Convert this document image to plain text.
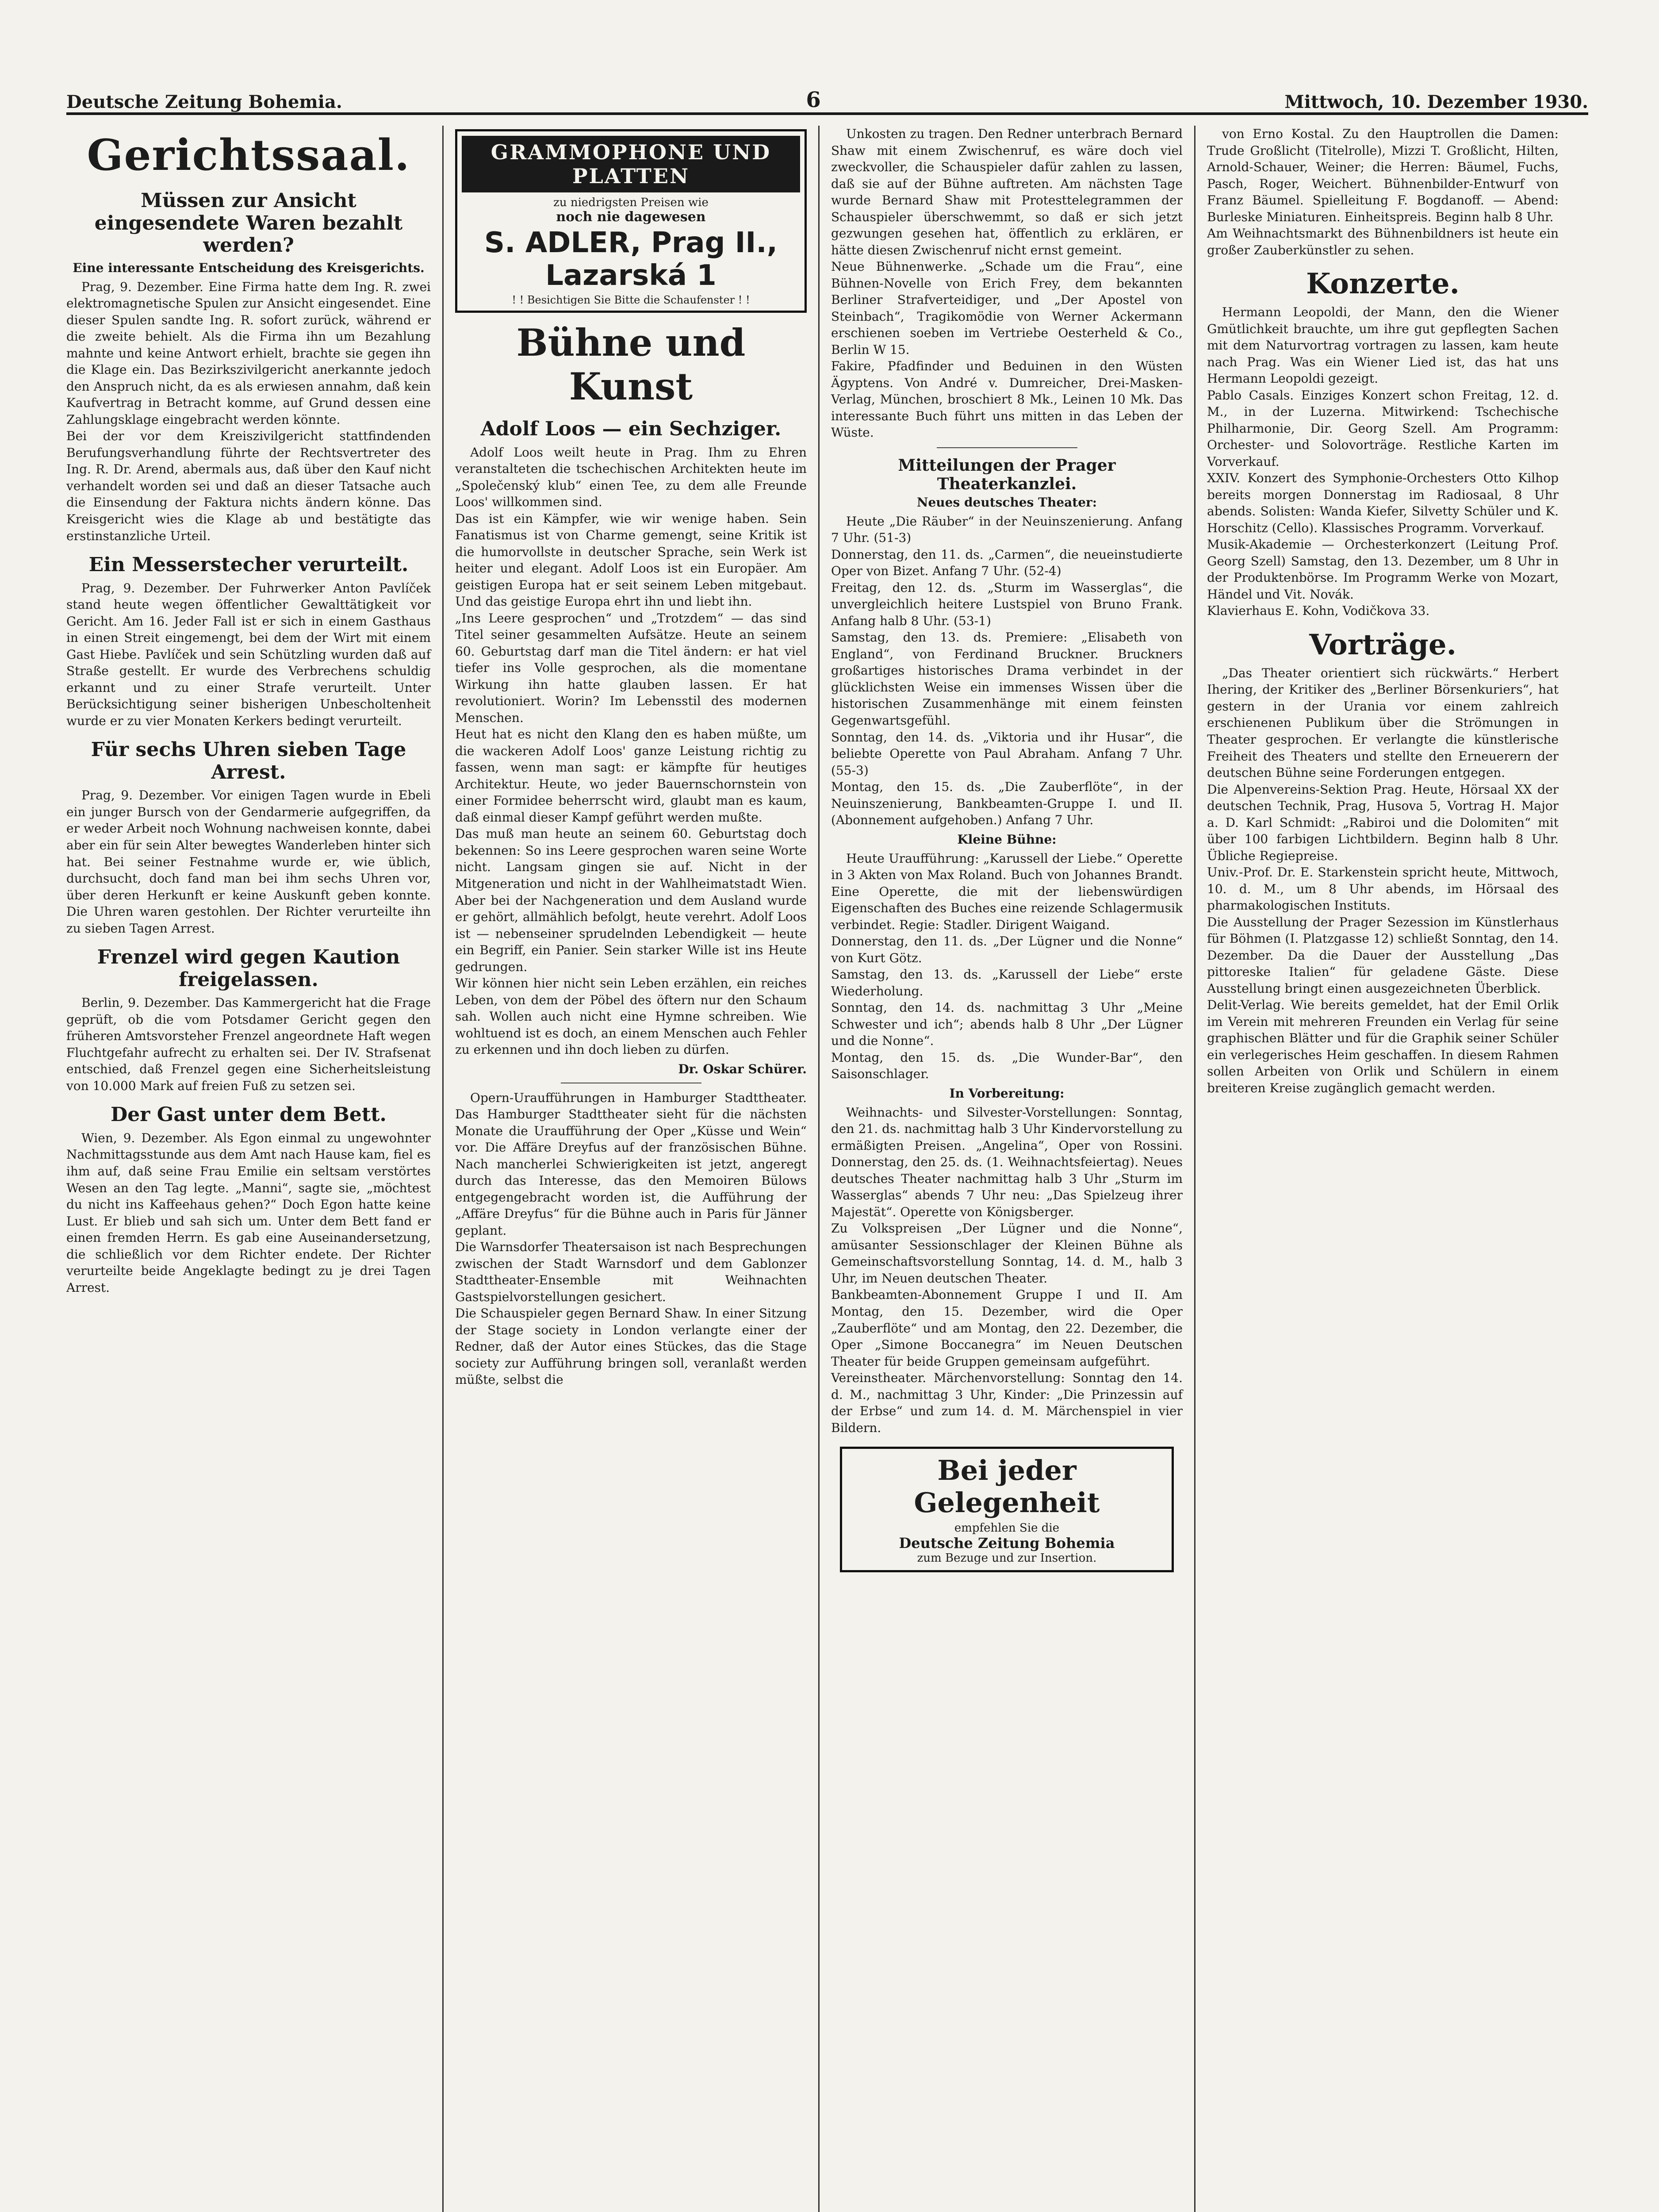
Deutsche Zeitung Bohemia.	6	Mittwoch, 10. Dezember 1930.
Gerichtssaal.
Müssen zur Ansicht eingesendete Waren bezahlt werden?
Eine interessante Entscheidung des Kreisgerichts.
Prag, 9. Dezember. Eine Firma hatte dem Ing. R. zwei elektromagnetische Spulen zur Ansicht eingesendet. Eine dieser Spulen sandte Ing. R. sofort zurück, während er die zweite behielt. Als die Firma ihn um Bezahlung mahnte und keine Antwort erhielt, brachte sie gegen ihn die Klage ein. Das Bezirkszivilgericht anerkannte jedoch den Anspruch nicht, da es als erwiesen annahm, daß kein Kaufvertrag in Betracht komme, auf Grund dessen eine Zahlungsklage eingebracht werden könnte.
Bei der vor dem Kreiszivilgericht stattfindenden Berufungsverhandlung führte der Rechtsvertreter des Ing. R. Dr. Arend, abermals aus, daß über den Kauf nicht verhandelt worden sei und daß an dieser Tatsache auch die Einsendung der Faktura nichts ändern könne. Das Kreisgericht wies die Klage ab und bestätigte das erstinstanzliche Urteil.
Ein Messerstecher verurteilt.
Prag, 9. Dezember. Der Fuhrwerker Anton Pavlíček stand heute wegen öffentlicher Gewalttätigkeit vor Gericht. Am 16. Jeder Fall ist er sich in einem Gasthaus in einen Streit eingemengt, bei dem der Wirt mit einem Gast Hiebe. Pavlíček und sein Schützling wurden daß auf Straße gestellt. Er wurde des Verbrechens schuldig erkannt und zu einer Strafe verurteilt. Unter Berücksichtigung seiner bisherigen Unbescholtenheit wurde er zu vier Monaten Kerkers bedingt verurteilt.
Für sechs Uhren sieben Tage Arrest.
Prag, 9. Dezember. Vor einigen Tagen wurde in Ebeli ein junger Bursch von der Gendarmerie aufgegriffen, da er weder Arbeit noch Wohnung nachweisen konnte, dabei aber ein für sein Alter bewegtes Wanderleben hinter sich hat. Bei seiner Festnahme wurde er, wie üblich, durchsucht, doch fand man bei ihm sechs Uhren vor, über deren Herkunft er keine Auskunft geben konnte. Die Uhren waren gestohlen. Der Richter verurteilte ihn zu sieben Tagen Arrest.
Frenzel wird gegen Kaution freigelassen.
Berlin, 9. Dezember. Das Kammergericht hat die Frage geprüft, ob die vom Potsdamer Gericht gegen den früheren Amtsvorsteher Frenzel angeordnete Haft wegen Fluchtgefahr aufrecht zu erhalten sei. Der IV. Strafsenat entschied, daß Frenzel gegen eine Sicherheitsleistung von 10.000 Mark auf freien Fuß zu setzen sei.
Der Gast unter dem Bett.
Wien, 9. Dezember. Als Egon einmal zu ungewohnter Nachmittagsstunde aus dem Amt nach Hause kam, fiel es ihm auf, daß seine Frau Emilie ein seltsam verstörtes Wesen an den Tag legte. „Manni“, sagte sie, „möchtest du nicht ins Kaffeehaus gehen?“ Doch Egon hatte keine Lust. Er blieb und sah sich um. Unter dem Bett fand er einen fremden Herrn. Es gab eine Auseinandersetzung, die schließlich vor dem Richter endete. Der Richter verurteilte beide Angeklagte bedingt zu je drei Tagen Arrest.
GRAMMOPHONE UND PLATTEN
zu niedrigsten Preisen wie
noch nie dagewesen
S. ADLER, Prag II., Lazarská 1
! ! Besichtigen Sie Bitte die Schaufenster ! !
Bühne und Kunst
Adolf Loos — ein Sechziger.
Adolf Loos weilt heute in Prag. Ihm zu Ehren veranstalteten die tschechischen Architekten heute im „Společenský klub“ einen Tee, zu dem alle Freunde Loos' willkommen sind.
Das ist ein Kämpfer, wie wir wenige haben. Sein Fanatismus ist von Charme gemengt, seine Kritik ist die humorvollste in deutscher Sprache, sein Werk ist heiter und elegant. Adolf Loos ist ein Europäer. Am geistigen Europa hat er seit seinem Leben mitgebaut. Und das geistige Europa ehrt ihn und liebt ihn.
„Ins Leere gesprochen“ und „Trotzdem“ — das sind Titel seiner gesammelten Aufsätze. Heute an seinem 60. Geburtstag darf man die Titel ändern: er hat viel tiefer ins Volle gesprochen, als die momentane Wirkung ihn hatte glauben lassen. Er hat revolutioniert. Worin? Im Lebensstil des modernen Menschen.
Heut hat es nicht den Klang den es haben müßte, um die wackeren Adolf Loos' ganze Leistung richtig zu fassen, wenn man sagt: er kämpfte für heutiges Architektur. Heute, wo jeder Bauernschornstein von einer Formidee beherrscht wird, glaubt man es kaum, daß einmal dieser Kampf geführt werden mußte.
Das muß man heute an seinem 60. Geburtstag doch bekennen: So ins Leere gesprochen waren seine Worte nicht. Langsam gingen sie auf. Nicht in der Mitgeneration und nicht in der Wahlheimatstadt Wien. Aber bei der Nachgeneration und dem Ausland wurde er gehört, allmählich befolgt, heute verehrt. Adolf Loos ist — nebenseiner sprudelnden Lebendigkeit — heute ein Begriff, ein Panier. Sein starker Wille ist ins Heute gedrungen.
Wir können hier nicht sein Leben erzählen, ein reiches Leben, von dem der Pöbel des öftern nur den Schaum sah. Wollen auch nicht eine Hymne schreiben. Wie wohltuend ist es doch, an einem Menschen auch Fehler zu erkennen und ihn doch lieben zu dürfen.
Dr. Oskar Schürer.
Opern-Uraufführungen in Hamburger Stadttheater. Das Hamburger Stadttheater sieht für die nächsten Monate die Uraufführung der Oper „Küsse und Wein“ vor. Die Affäre Dreyfus auf der französischen Bühne. Nach mancherlei Schwierigkeiten ist jetzt, angeregt durch das Interesse, das den Memoiren Bülows entgegengebracht worden ist, die Aufführung der „Affäre Dreyfus“ für die Bühne auch in Paris für Jänner geplant.
Die Warnsdorfer Theatersaison ist nach Besprechungen zwischen der Stadt Warnsdorf und dem Gablonzer Stadttheater-Ensemble mit Weihnachten Gastspielvorstellungen gesichert.
Die Schauspieler gegen Bernard Shaw. In einer Sitzung der Stage society in London verlangte einer der Redner, daß der Autor eines Stückes, das die Stage society zur Aufführung bringen soll, veranlaßt werden müßte, selbst die
Unkosten zu tragen. Den Redner unterbrach Bernard Shaw mit einem Zwischenruf, es wäre doch viel zweckvoller, die Schauspieler dafür zahlen zu lassen, daß sie auf der Bühne auftreten. Am nächsten Tage wurde Bernard Shaw mit Protesttelegrammen der Schauspieler überschwemmt, so daß er sich jetzt gezwungen gesehen hat, öffentlich zu erklären, er hätte diesen Zwischenruf nicht ernst gemeint.
Neue Bühnenwerke. „Schade um die Frau“, eine Bühnen-Novelle von Erich Frey, dem bekannten Berliner Strafverteidiger, und „Der Apostel von Steinbach“, Tragikomödie von Werner Ackermann erschienen soeben im Vertriebe Oesterheld & Co., Berlin W 15.
Fakire, Pfadfinder und Beduinen in den Wüsten Ägyptens. Von André v. Dumreicher, Drei-Masken-Verlag, München, broschiert 8 Mk., Leinen 10 Mk. Das interessante Buch führt uns mitten in das Leben der Wüste.
Mitteilungen der Prager Theaterkanzlei.
Neues deutsches Theater:
Heute „Die Räuber“ in der Neuinszenierung. Anfang 7 Uhr. (51-3)
Donnerstag, den 11. ds. „Carmen“, die neueinstudierte Oper von Bizet. Anfang 7 Uhr. (52-4)
Freitag, den 12. ds. „Sturm im Wasserglas“, die unvergleichlich heitere Lustspiel von Bruno Frank. Anfang halb 8 Uhr. (53-1)
Samstag, den 13. ds. Premiere: „Elisabeth von England“, von Ferdinand Bruckner. Bruckners großartiges historisches Drama verbindet in der glücklichsten Weise ein immenses Wissen über die historischen Zusammenhänge mit einem feinsten Gegenwartsgefühl.
Sonntag, den 14. ds. „Viktoria und ihr Husar“, die beliebte Operette von Paul Abraham. Anfang 7 Uhr. (55-3)
Montag, den 15. ds. „Die Zauberflöte“, in der Neuinszenierung, Bankbeamten-Gruppe I. und II. (Abonnement aufgehoben.) Anfang 7 Uhr.
Kleine Bühne:
Heute Uraufführung: „Karussell der Liebe.“ Operette in 3 Akten von Max Roland. Buch von Johannes Brandt. Eine Operette, die mit der liebenswürdigen Eigenschaften des Buches eine reizende Schlagermusik verbindet. Regie: Stadler. Dirigent Waigand.
Donnerstag, den 11. ds. „Der Lügner und die Nonne“ von Kurt Götz.
Samstag, den 13. ds. „Karussell der Liebe“ erste Wiederholung.
Sonntag, den 14. ds. nachmittag 3 Uhr „Meine Schwester und ich“; abends halb 8 Uhr „Der Lügner und die Nonne“.
Montag, den 15. ds. „Die Wunder-Bar“, den Saisonschlager.
In Vorbereitung:
Weihnachts- und Silvester-Vorstellungen: Sonntag, den 21. ds. nachmittag halb 3 Uhr Kindervorstellung zu ermäßigten Preisen. „Angelina“, Oper von Rossini. Donnerstag, den 25. ds. (1. Weihnachtsfeiertag). Neues deutsches Theater nachmittag halb 3 Uhr „Sturm im Wasserglas“ abends 7 Uhr neu: „Das Spielzeug ihrer Majestät“. Operette von Königsberger.
Zu Volkspreisen „Der Lügner und die Nonne“, amüsanter Sessionschlager der Kleinen Bühne als Gemeinschaftsvorstellung Sonntag, 14. d. M., halb 3 Uhr, im Neuen deutschen Theater.
Bankbeamten-Abonnement Gruppe I und II. Am Montag, den 15. Dezember, wird die Oper „Zauberflöte“ und am Montag, den 22. Dezember, die Oper „Simone Boccanegra“ im Neuen Deutschen Theater für beide Gruppen gemeinsam aufgeführt.
Vereinstheater. Märchenvorstellung: Sonntag den 14. d. M., nachmittag 3 Uhr, Kinder: „Die Prinzessin auf der Erbse“ und zum 14. d. M. Märchenspiel in vier Bildern.
Bei jeder Gelegenheit
empfehlen Sie die
Deutsche Zeitung Bohemia
zum Bezuge und zur Insertion.
von Erno Kostal. Zu den Hauptrollen die Damen: Trude Großlicht (Titelrolle), Mizzi T. Großlicht, Hilten, Arnold-Schauer, Weiner; die Herren: Bäumel, Fuchs, Pasch, Roger, Weichert. Bühnenbilder-Entwurf von Franz Bäumel. Spielleitung F. Bogdanoff. — Abend: Burleske Miniaturen. Einheitspreis. Beginn halb 8 Uhr.
Am Weihnachtsmarkt des Bühnenbildners ist heute ein großer Zauberkünstler zu sehen.
Konzerte.
Hermann Leopoldi, der Mann, den die Wiener Gmütlichkeit brauchte, um ihre gut gepflegten Sachen mit dem Naturvortrag vortragen zu lassen, kam heute nach Prag. Was ein Wiener Lied ist, das hat uns Hermann Leopoldi gezeigt.
Pablo Casals. Einziges Konzert schon Freitag, 12. d. M., in der Luzerna. Mitwirkend: Tschechische Philharmonie, Dir. Georg Szell. Am Programm: Orchester- und Solovorträge. Restliche Karten im Vorverkauf.
XXIV. Konzert des Symphonie-Orchesters Otto Kilhop bereits morgen Donnerstag im Radiosaal, 8 Uhr abends. Solisten: Wanda Kiefer, Silvetty Schüler und K. Horschitz (Cello). Klassisches Programm. Vorverkauf.
Musik-Akademie — Orchesterkonzert (Leitung Prof. Georg Szell) Samstag, den 13. Dezember, um 8 Uhr in der Produktenbörse. Im Programm Werke von Mozart, Händel und Vit. Novák.
Klavierhaus E. Kohn, Vodičkova 33.
Vorträge.
„Das Theater orientiert sich rückwärts.“ Herbert Ihering, der Kritiker des „Berliner Börsenkuriers“, hat gestern in der Urania vor einem zahlreich erschienenen Publikum über die Strömungen in Theater gesprochen. Er verlangte die künstlerische Freiheit des Theaters und stellte den Erneuerern der deutschen Bühne seine Forderungen entgegen.
Die Alpenvereins-Sektion Prag. Heute, Hörsaal XX der deutschen Technik, Prag, Husova 5, Vortrag H. Major a. D. Karl Schmidt: „Rabiroi und die Dolomiten“ mit über 100 farbigen Lichtbildern. Beginn halb 8 Uhr. Übliche Regiepreise.
Univ.-Prof. Dr. E. Starkenstein spricht heute, Mittwoch, 10. d. M., um 8 Uhr abends, im Hörsaal des pharmakologischen Instituts.
Die Ausstellung der Prager Sezession im Künstlerhaus für Böhmen (I. Platzgasse 12) schließt Sonntag, den 14. Dezember. Da die Dauer der Ausstellung „Das pittoreske Italien“ für geladene Gäste. Diese Ausstellung bringt einen ausgezeichneten Überblick.
Delit-Verlag. Wie bereits gemeldet, hat der Emil Orlik im Verein mit mehreren Freunden ein Verlag für seine graphischen Blätter und für die Graphik seiner Schüler ein verlegerisches Heim geschaffen. In diesem Rahmen sollen Arbeiten von Orlik und Schülern in einem breiteren Kreise zugänglich gemacht werden.
